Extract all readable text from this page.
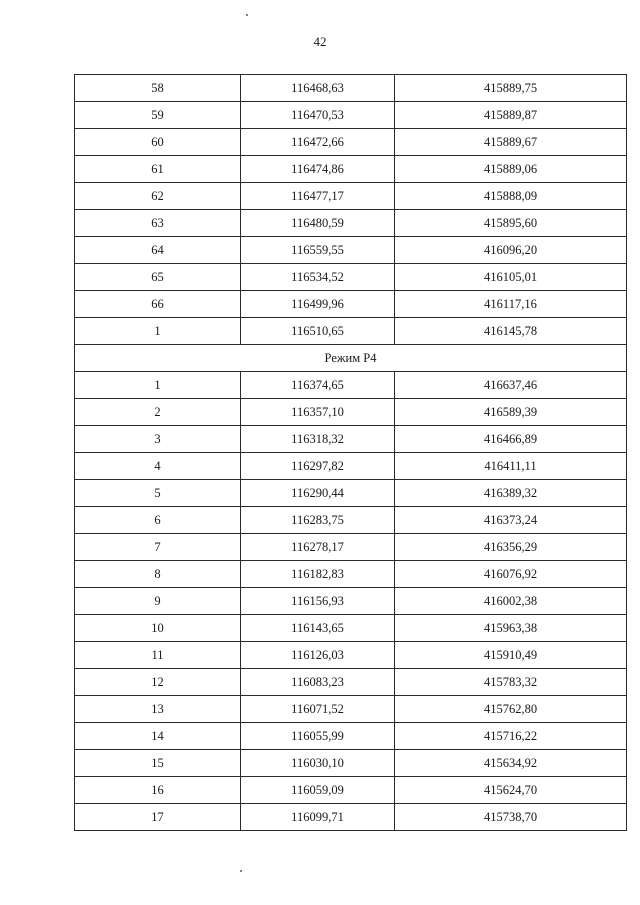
42
58	116468,63	415889,75
59	116470,53	415889,87
60	116472,66	415889,67
61	116474,86	415889,06
62	116477,17	415888,09
63	116480,59	415895,60
64	116559,55	416096,20
65	116534,52	416105,01
66	116499,96	416117,16
1	116510,65	416145,78
Режим Р4		
1	116374,65	416637,46
2	116357,10	416589,39
3	116318,32	416466,89
4	116297,82	416411,11
5	116290,44	416389,32
6	116283,75	416373,24
7	116278,17	416356,29
8	116182,83	416076,92
9	116156,93	416002,38
10	116143,65	415963,38
11	116126,03	415910,49
12	116083,23	415783,32
13	116071,52	415762,80
14	116055,99	415716,22
15	116030,10	415634,92
16	116059,09	415624,70
17	116099,71	415738,70
